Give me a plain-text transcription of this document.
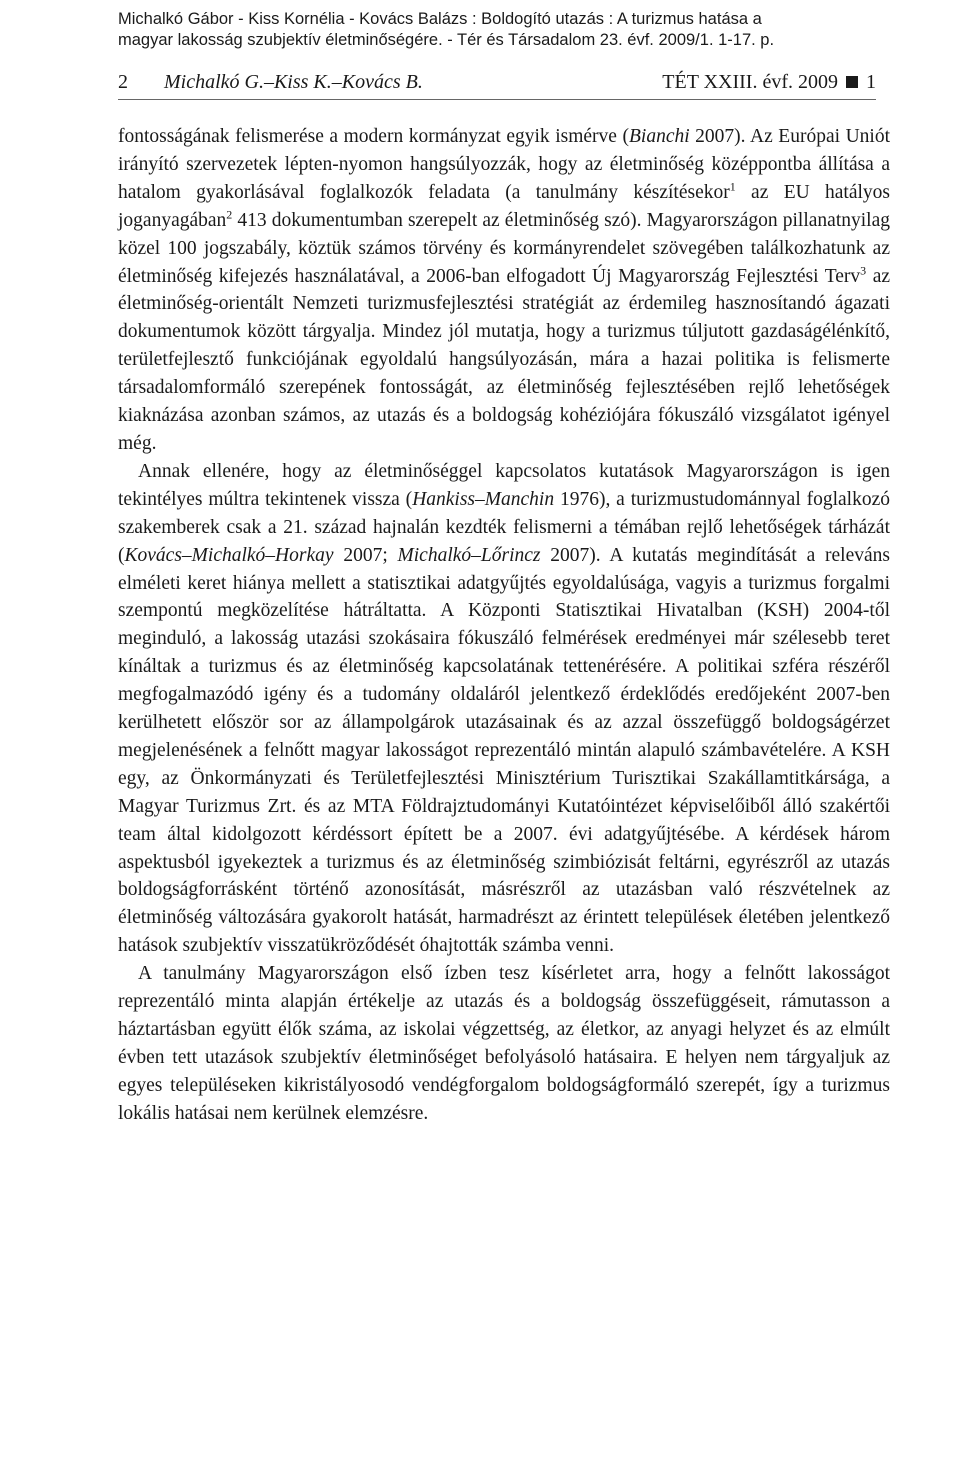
Michalkó Gábor - Kiss Kornélia - Kovács Balázs : Boldogító utazás : A turizmus hatása a
magyar lakosság szubjektív életminőségére. - Tér és Társadalom 23. évf. 2009/1. 1-17. p.
2 Michalkó G.–Kiss K.–Kovács B.	TÉT XXIII. évf. 2009 1

fontosságának felismerése a modern kormányzat egyik ismérve (Bianchi 2007). Az Európai Uniót irányító szervezetek lépten-nyomon hangsúlyozzák, hogy az életminőség középpontba állítása a hatalom gyakorlásával foglalkozók feladata (a tanulmány készítésekor$^1$ az EU hatályos joganyagában$^2$ 413 dokumentumban szerepelt az életminőség szó). Magyarországon pillanatnyilag közel 100 jogszabály, köztük számos törvény és kormányrendelet szövegében találkozhatunk az életminőség kifejezés használatával, a 2006-ban elfogadott Új Magyarország Fejlesztési Terv$^3$ az életminőség-orientált Nemzeti turizmusfejlesztési stratégiát az érdemileg hasznosítandó ágazati dokumentumok között tárgyalja. Mindez jól mutatja, hogy a turizmus túljutott gazdaságélénkítő, területfejlesztő funkciójának egyoldalú hangsúlyozásán, mára a hazai politika is felismerte társadalomformáló szerepének fontosságát, az életminőség fejlesztésében rejlő lehetőségek kiaknázása azonban számos, az utazás és a boldogság kohéziójára fókuszáló vizsgálatot igényel még.

Annak ellenére, hogy az életminőséggel kapcsolatos kutatások Magyarországon is igen tekintélyes múltra tekintenek vissza (Hankiss–Manchin 1976), a turizmustudománnyal foglalkozó szakemberek csak a 21. század hajnalán kezdték felismerni a témában rejlő lehetőségek tárházát (Kovács–Michalkó–Horkay 2007; Michalkó–Lőrincz 2007). A kutatás megindítását a releváns elméleti keret hiánya mellett a statisztikai adatgyűjtés egyoldalúsága, vagyis a turizmus forgalmi szempontú megközelítése hátráltatta. A Központi Statisztikai Hivatalban (KSH) 2004-től meginduló, a lakosság utazási szokásaira fókuszáló felmérések eredményei már szélesebb teret kínáltak a turizmus és az életminőség kapcsolatának tettenérésére. A politikai szféra részéről megfogalmazódó igény és a tudomány oldaláról jelentkező érdeklődés eredőjeként 2007-ben kerülhetett először sor az állampolgárok utazásainak és az azzal összefüggő boldogságérzet megjelenésének a felnőtt magyar lakosságot reprezentáló mintán alapuló számbavételére. A KSH egy, az Önkormányzati és Területfejlesztési Minisztérium Turisztikai Szakállamtitkársága, a Magyar Turizmus Zrt. és az MTA Földrajztudományi Kutatóintézet képviselőiből álló szakértői team által kidolgozott kérdéssort épített be a 2007. évi adatgyűjtésébe. A kérdések három aspektusból igyekeztek a turizmus és az életminőség szimbiózisát feltárni, egyrészről az utazás boldogságforrásként történő azonosítását, másrészről az utazásban való részvételnek az életminőség változására gyakorolt hatását, harmadrészt az érintett települések életében jelentkező hatások szubjektív visszatükröződését óhajtották számba venni.

A tanulmány Magyarországon első ízben tesz kísérletet arra, hogy a felnőtt lakosságot reprezentáló minta alapján értékelje az utazás és a boldogság összefüggéseit, rámutasson a háztartásban együtt élők száma, az iskolai végzettség, az életkor, az anyagi helyzet és az elmúlt évben tett utazások szubjektív életminőséget befolyásoló hatásaira. E helyen nem tárgyaljuk az egyes településeken kikristályosodó vendégforgalom boldogságformáló szerepét, így a turizmus lokális hatásai nem kerülnek elemzésre.
